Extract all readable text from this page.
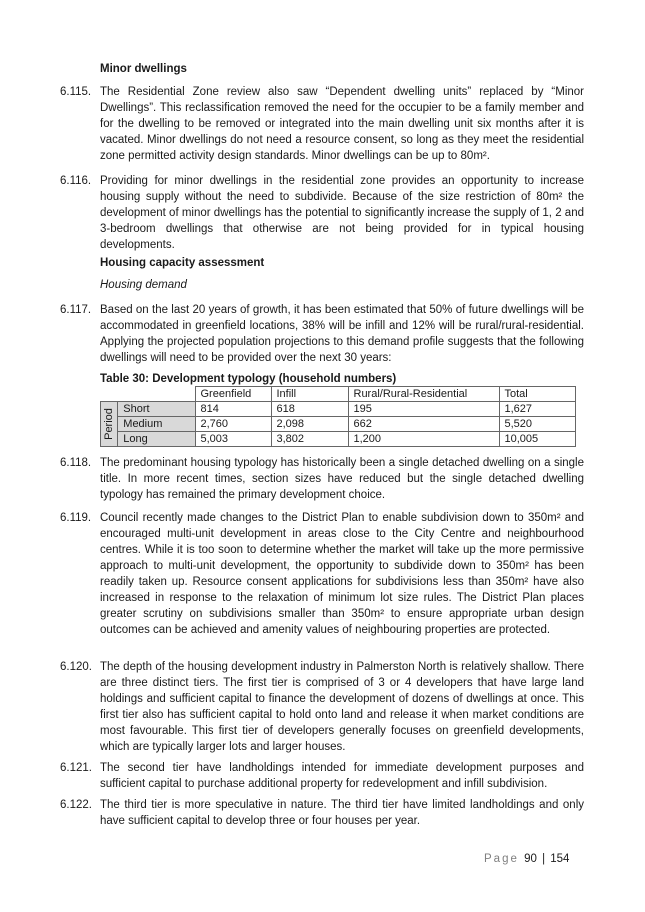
Minor dwellings
6.115. The Residential Zone review also saw “Dependent dwelling units” replaced by “Minor Dwellings”. This reclassification removed the need for the occupier to be a family member and for the dwelling to be removed or integrated into the main dwelling unit six months after it is vacated. Minor dwellings do not need a resource consent, so long as they meet the residential zone permitted activity design standards. Minor dwellings can be up to 80m².
6.116. Providing for minor dwellings in the residential zone provides an opportunity to increase housing supply without the need to subdivide. Because of the size restriction of 80m² the development of minor dwellings has the potential to significantly increase the supply of 1, 2 and 3-bedroom dwellings that otherwise are not being provided for in typical housing developments.
Housing capacity assessment
Housing demand
6.117. Based on the last 20 years of growth, it has been estimated that 50% of future dwellings will be accommodated in greenfield locations, 38% will be infill and 12% will be rural/rural-residential. Applying the projected population projections to this demand profile suggests that the following dwellings will need to be provided over the next 30 years:
Table 30: Development typology (household numbers)
		Greenfield	Infill	Rural/Rural-Residential	Total

Period	Short	814	618	195	1,627
	Medium	2,760	2,098	662	5,520
	Long	5,003	3,802	1,200	10,005
6.118. The predominant housing typology has historically been a single detached dwelling on a single title. In more recent times, section sizes have reduced but the single detached dwelling typology has remained the primary development choice.
6.119. Council recently made changes to the District Plan to enable subdivision down to 350m² and encouraged multi-unit development in areas close to the City Centre and neighbourhood centres. While it is too soon to determine whether the market will take up the more permissive approach to multi-unit development, the opportunity to subdivide down to 350m² has been readily taken up. Resource consent applications for subdivisions less than 350m² have also increased in response to the relaxation of minimum lot size rules. The District Plan places greater scrutiny on subdivisions smaller than 350m² to ensure appropriate urban design outcomes can be achieved and amenity values of neighbouring properties are protected.
6.120. The depth of the housing development industry in Palmerston North is relatively shallow. There are three distinct tiers. The first tier is comprised of 3 or 4 developers that have large land holdings and sufficient capital to finance the development of dozens of dwellings at once. This first tier also has sufficient capital to hold onto land and release it when market conditions are most favourable. This first tier of developers generally focuses on greenfield developments, which are typically larger lots and larger houses.
6.121. The second tier have landholdings intended for immediate development purposes and sufficient capital to purchase additional property for redevelopment and infill subdivision.
6.122. The third tier is more speculative in nature. The third tier have limited landholdings and only have sufficient capital to develop three or four houses per year.
Page 90 | 154
